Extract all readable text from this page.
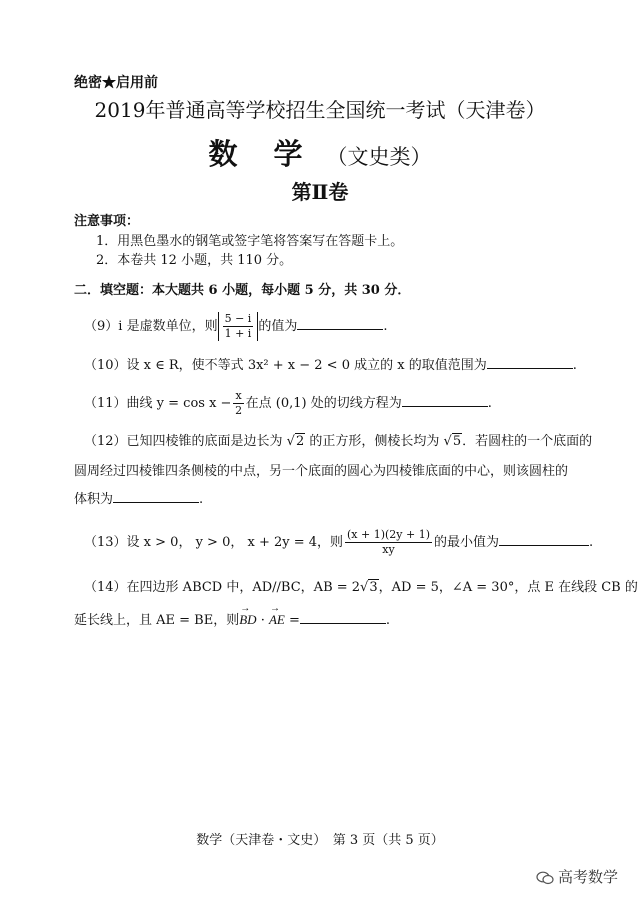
绝密★启用前
2019年普通高等学校招生全国统一考试（天津卷）
数学（文史类）
第Ⅱ卷
注意事项：
1．用黑色墨水的钢笔或签字笔将答案写在答题卡上。
2．本卷共 12 小题，共 110 分。
二．填空题：本大题共 6 小题，每小题 5 分，共 30 分．
（9）i 是虚数单位，则 $\frac{5 - i}{1 + i}$ 的值为	.
（10）设 x ∈ R，使不等式 3x² + x − 2 < 0 成立的 x 的取值范围为	.
（11）曲线 $y = \cos x - \frac{x}{2}$ 在点 (0,1) 处的切线方程为	.
（12）已知四棱锥的底面是边长为 √2 的正方形，侧棱长均为 √5．若圆柱的一个底面的
圆周经过四棱锥四条侧棱的中点，另一个底面的圆心为四棱锥底面的中心，则该圆柱的
体积为	.
（13）设 x > 0， y > 0， x + 2y = 4，则 $\frac{(x + 1)(2y + 1)}{xy}$ 的最小值为	.
（14）在四边形 ABCD 中，AD//BC，AB = 2√3，AD = 5，∠A = 30°，点 E 在线段 CB 的
延长线上，且 AE = BE，则→ BD · → AE =	.
数学（天津卷・文史）　第 3 页（共 5 页）
高考数学
